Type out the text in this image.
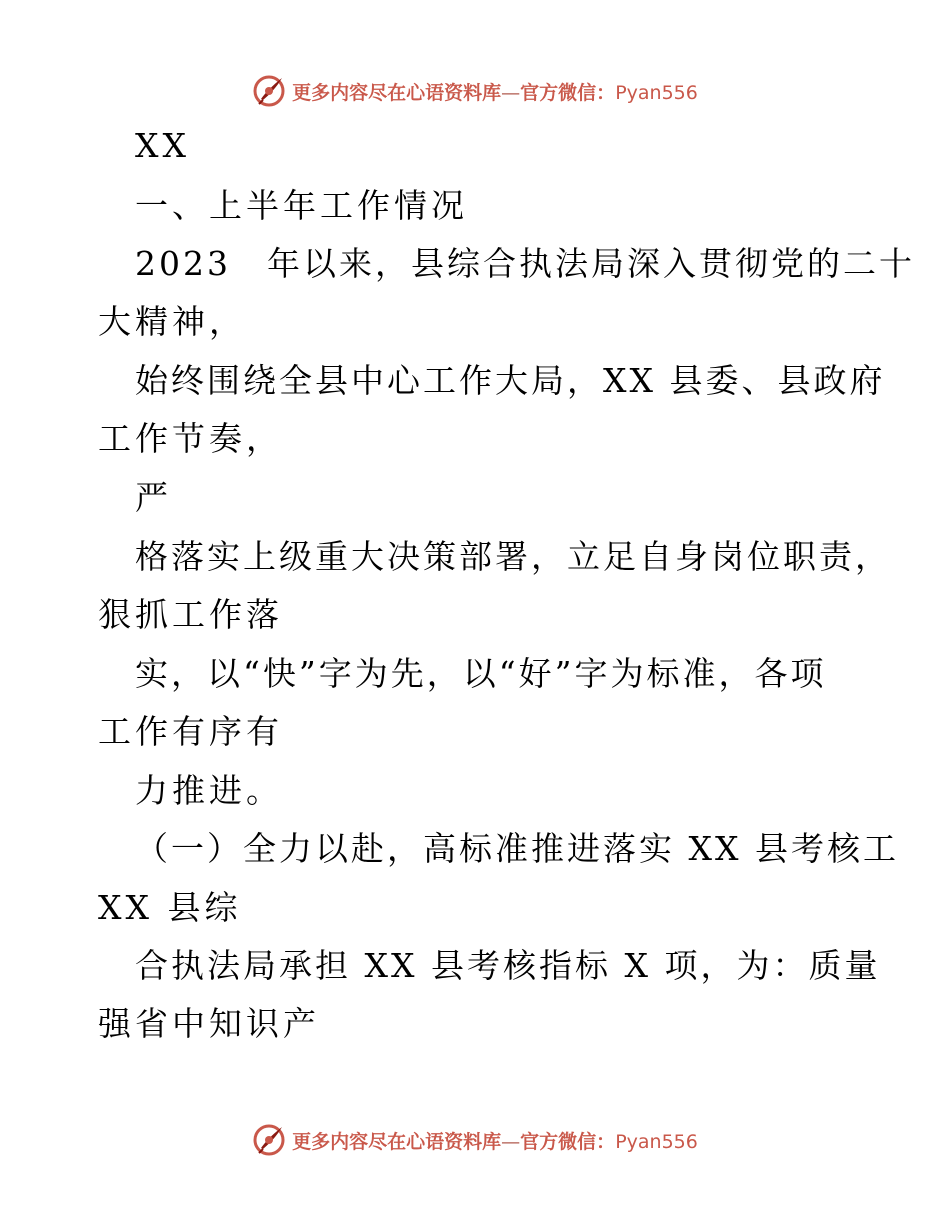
更多内容尽在心语资料库—官方微信：Pyan556
XX
一、上半年工作情况
2023　年以来，县综合执法局深入贯彻党的二十
大精神，
始终围绕全县中心工作大局，XX 县委、县政府
工作节奏，
严
格落实上级重大决策部署，立足自身岗位职责，
狠抓工作落
实，以“快”字为先，以“好”字为标准，各项
工作有序有
力推进。
（一）全力以赴，高标准推进落实 XX 县考核工
XX 县综
合执法局承担 XX 县考核指标 X 项，为：质量
强省中知识产
更多内容尽在心语资料库—官方微信：Pyan556
